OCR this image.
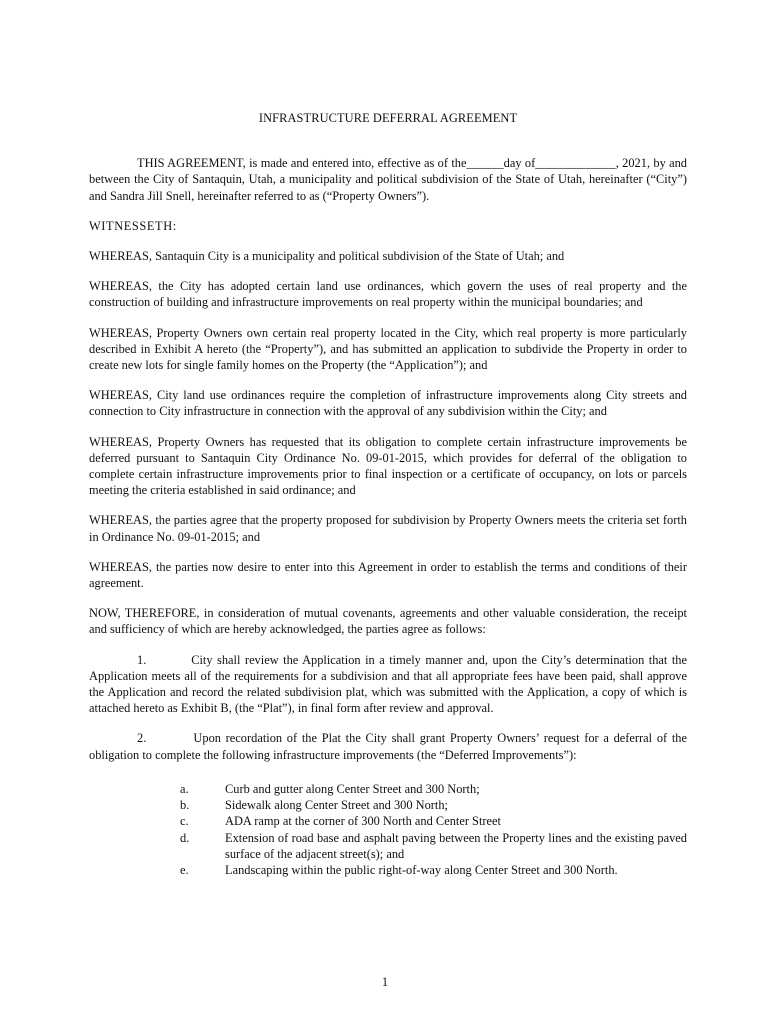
INFRASTRUCTURE DEFERRAL AGREEMENT

THIS AGREEMENT, is made and entered into, effective as of the______day of_____________, 2021, by and between the City of Santaquin, Utah, a municipality and political subdivision of the State of Utah, hereinafter (“City”) and Sandra Jill Snell, hereinafter referred to as (“Property Owners”).

WITNESSETH:

WHEREAS, Santaquin City is a municipality and political subdivision of the State of Utah; and

WHEREAS, the City has adopted certain land use ordinances, which govern the uses of real property and the construction of building and infrastructure improvements on real property within the municipal boundaries; and

WHEREAS, Property Owners own certain real property located in the City, which real property is more particularly described in Exhibit A hereto (the “Property”), and has submitted an application to subdivide the Property in order to create new lots for single family homes on the Property (the “Application”); and

WHEREAS, City land use ordinances require the completion of infrastructure improvements along City streets and connection to City infrastructure in connection with the approval of any subdivision within the City; and

WHEREAS, Property Owners has requested that its obligation to complete certain infrastructure improvements be deferred pursuant to Santaquin City Ordinance No. 09-01-2015, which provides for deferral of the obligation to complete certain infrastructure improvements prior to final inspection or a certificate of occupancy, on lots or parcels meeting the criteria established in said ordinance; and

WHEREAS, the parties agree that the property proposed for subdivision by Property Owners meets the criteria set forth in Ordinance No. 09-01-2015; and

WHEREAS, the parties now desire to enter into this Agreement in order to establish the terms and conditions of their agreement.

NOW, THEREFORE, in consideration of mutual covenants, agreements and other valuable consideration, the receipt and sufficiency of which are hereby acknowledged, the parties agree as follows:

1.          City shall review the Application in a timely manner and, upon the City’s determination that the Application meets all of the requirements for a subdivision and that all appropriate fees have been paid, shall approve the Application and record the related subdivision plat, which was submitted with the Application, a copy of which is attached hereto as Exhibit B, (the “Plat”), in final form after review and approval.

2.          Upon recordation of the Plat the City shall grant Property Owners’ request for a deferral of the obligation to complete the following infrastructure improvements (the “Deferred Improvements”):

a.	Curb and gutter along Center Street and 300 North;
b.	Sidewalk along Center Street and 300 North;
c.	ADA ramp at the corner of 300 North and Center Street
d.	Extension of road base and asphalt paving between the Property lines and the existing paved surface of the adjacent street(s); and
e.	Landscaping within the public right-of-way along Center Street and 300 North.
1
